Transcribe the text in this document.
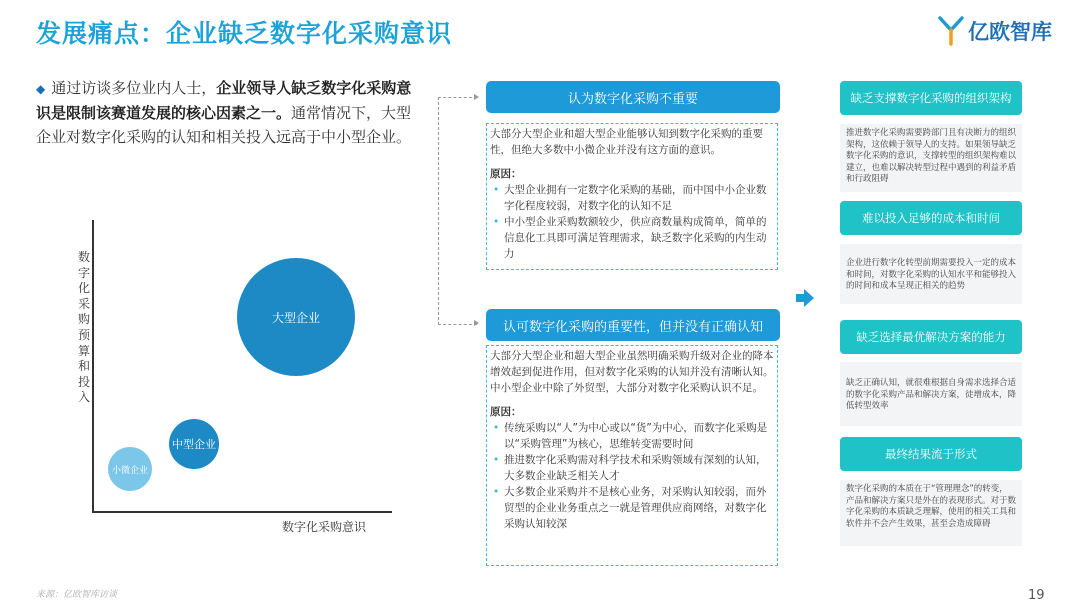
发展痛点：企业缺乏数字化采购意识	亿欧智库
◆ 通过访谈多位业内人士，企业领导人缺乏数字化采购意识是限制该赛道发展的核心因素之一。通常情况下，大型企业对数字化采购的认知和相关投入远高于中小型企业。
数字化采购预算和投入
数字化采购意识
大型企业
中型企业
小微企业
认为数字化采购不重要

大部分大型企业和超大型企业能够认知到数字化采购的重要性，但绝大多数中小微企业并没有这方面的意识。

原因：

• 大型企业拥有一定数字化采购的基础，而中国中小企业数字化程度较弱，对数字化的认知不足
• 中小型企业采购数额较少，供应商数量构成简单，简单的信息化工具即可满足管理需求，缺乏数字化采购的内生动力
认可数字化采购的重要性，但并没有正确认知

大部分大型企业和超大型企业虽然明确采购升级对企业的降本增效起到促进作用，但对数字化采购的认知并没有清晰认知。中小型企业中除了外贸型，大部分对数字化采购认识不足。

原因：

• 传统采购以“人”为中心或以“货”为中心，而数字化采购是以“采购管理”为核心，思维转变需要时间
• 推进数字化采购需对科学技术和采购领域有深刻的认知，大多数企业缺乏相关人才
• 大多数企业采购并不是核心业务，对采购认知较弱，而外贸型的企业业务重点之一就是管理供应商网络，对数字化采购认知较深
缺乏支撑数字化采购的组织架构
推进数字化采购需要跨部门且有决断力的组织架构，这依赖于领导人的支持。如果领导缺乏数字化采购的意识，支撑转型的组织架构难以建立，也难以解决转型过程中遇到的利益矛盾和行政阻碍
难以投入足够的成本和时间
企业进行数字化转型前期需要投入一定的成本和时间，对数字化采购的认知水平和能够投入的时间和成本呈现正相关的趋势
缺乏选择最优解决方案的能力
缺乏正确认知，就很难根据自身需求选择合适的数字化采购产品和解决方案，徒增成本，降低转型效率
最终结果流于形式
数字化采购的本质在于“管理理念”的转变，产品和解决方案只是外在的表现形式。对于数字化采购的本质缺乏理解，使用的相关工具和软件并不会产生效果，甚至会造成障碍
来源：亿欧智库访谈	19
